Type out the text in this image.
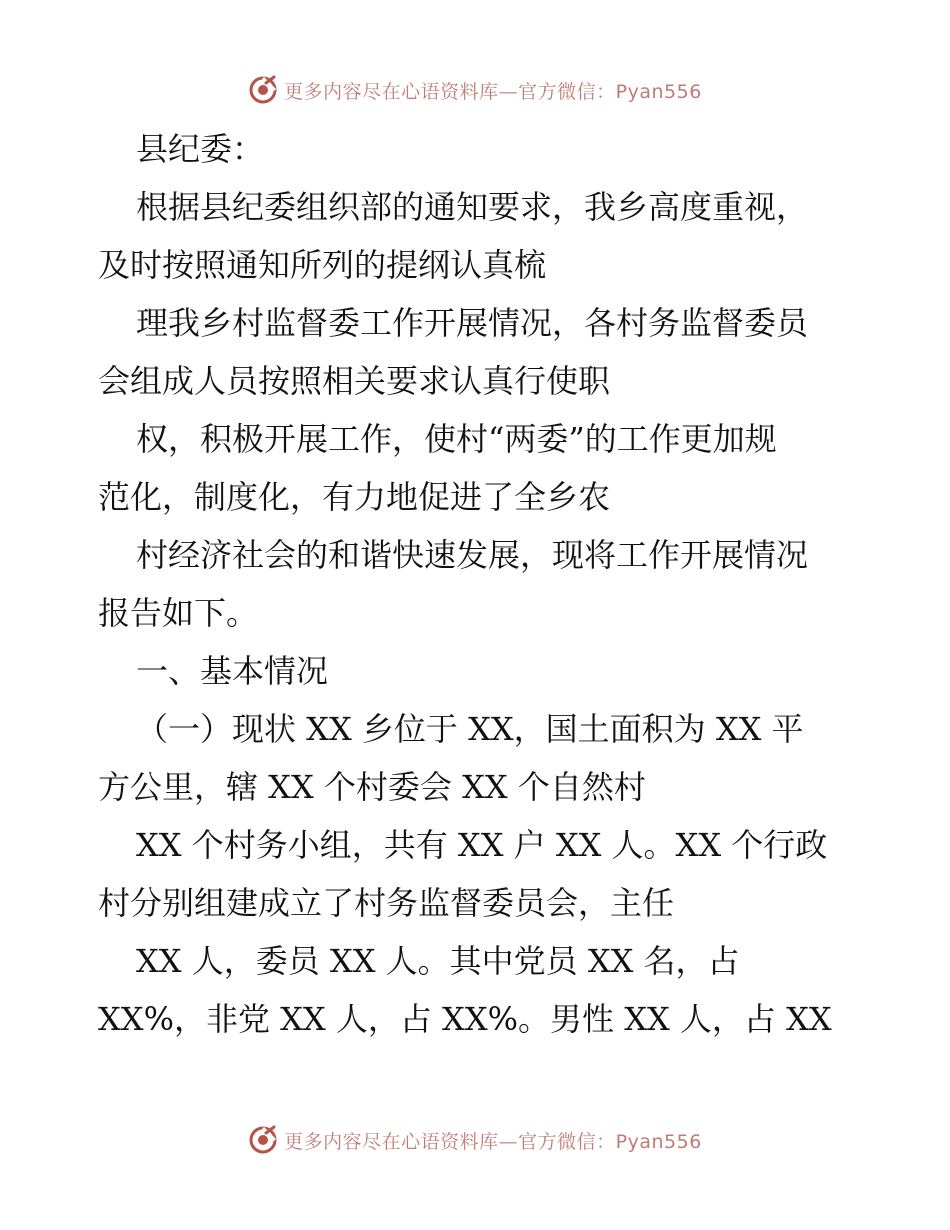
更多内容尽在心语资料库—官方微信：Pyan556
县纪委：
根据县纪委组织部的通知要求，我乡高度重视，
及时按照通知所列的提纲认真梳
理我乡村监督委工作开展情况，各村务监督委员
会组成人员按照相关要求认真行使职
权，积极开展工作，使村“两委”的工作更加规
范化，制度化，有力地促进了全乡农
村经济社会的和谐快速发展，现将工作开展情况
报告如下。
一、基本情况
（一）现状 XX 乡位于 XX，国土面积为 XX 平
方公里，辖 XX 个村委会 XX 个自然村
XX 个村务小组，共有 XX 户 XX 人。XX 个行政
村分别组建成立了村务监督委员会，主任
XX 人，委员 XX 人。其中党员 XX 名，占
XX%，非党 XX 人，占 XX%。男性 XX 人，占 XX
更多内容尽在心语资料库—官方微信：Pyan556
